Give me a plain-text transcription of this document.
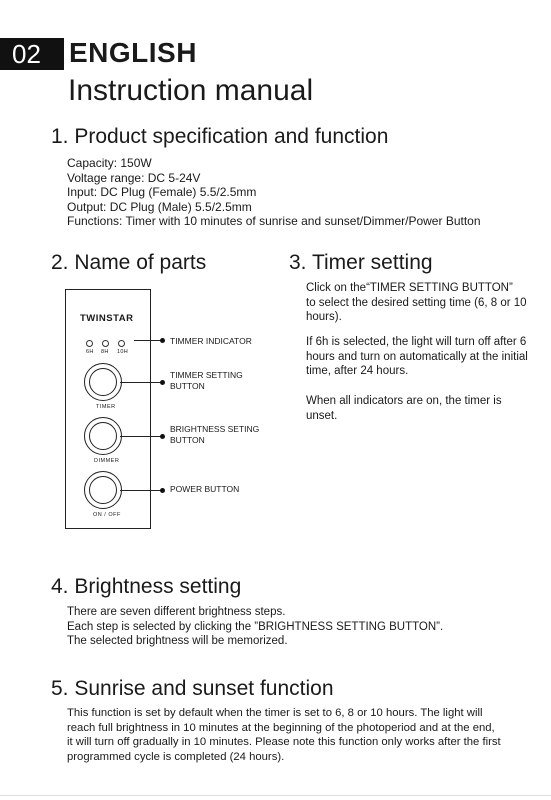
02	ENGLISH
Instruction manual
1. Product specification and function
Capacity: 150W
Voltage range: DC 5-24V
Input: DC Plug (Female) 5.5/2.5mm
Output: DC Plug (Male) 5.5/2.5mm
Functions: Timer with 10 minutes of sunrise and sunset/Dimmer/Power Button
2. Name of parts
TWINSTAR
6H 8H 10H
TIMER
DIMMER
ON / OFF
TIMMER INDICATOR
TIMMER SETTING
BUTTON
BRIGHTNESS SETING
BUTTON
POWER BUTTON
3. Timer setting
Click on the“TIMER SETTING BUTTON”
to select the desired setting time (6, 8 or 10
hours).
If 6h is selected, the light will turn off after 6
hours and turn on automatically at the initial
time, after 24 hours.
When all indicators are on, the timer is
unset.
4. Brightness setting
There are seven different brightness steps.
Each step is selected by clicking the ”BRIGHTNESS SETTING BUTTON”.
The selected brightness will be memorized.
5. Sunrise and sunset function
This function is set by default when the timer is set to 6, 8 or 10 hours. The light will
reach full brightness in 10 minutes at the beginning of the photoperiod and at the end,
it will turn off gradually in 10 minutes. Please note this function only works after the first
programmed cycle is completed (24 hours).
